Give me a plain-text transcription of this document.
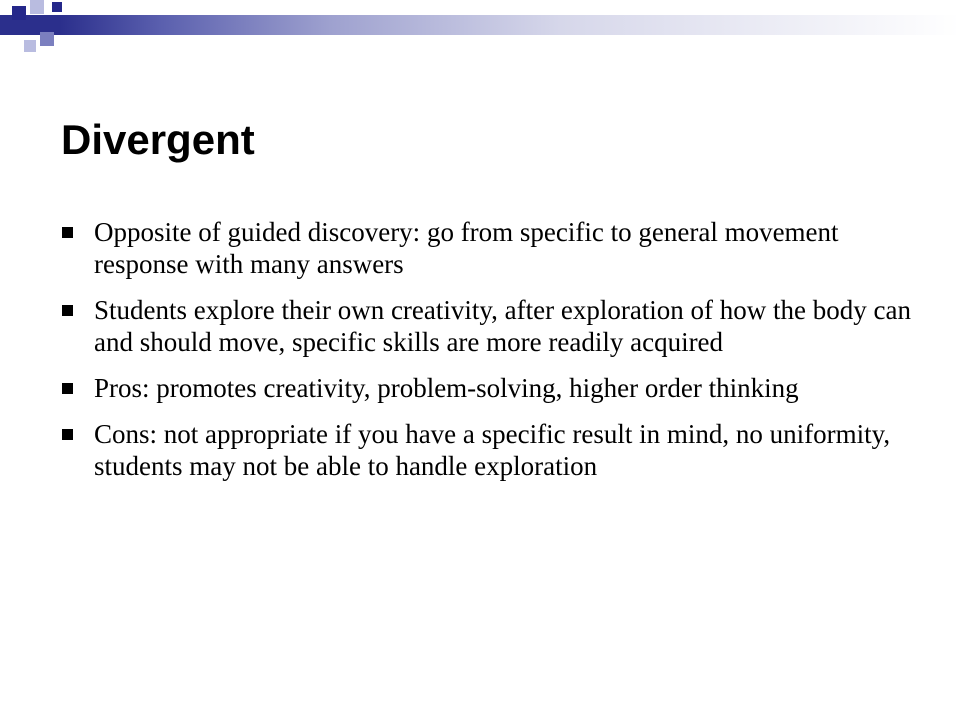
Divergent
Opposite of guided discovery: go from specific to general movement response with many answers
Students explore their own creativity, after exploration of how the body can and should move, specific skills are more readily acquired
Pros: promotes creativity, problem-solving, higher order thinking
Cons: not appropriate if you have a specific result in mind, no uniformity, students may not be able to handle exploration
